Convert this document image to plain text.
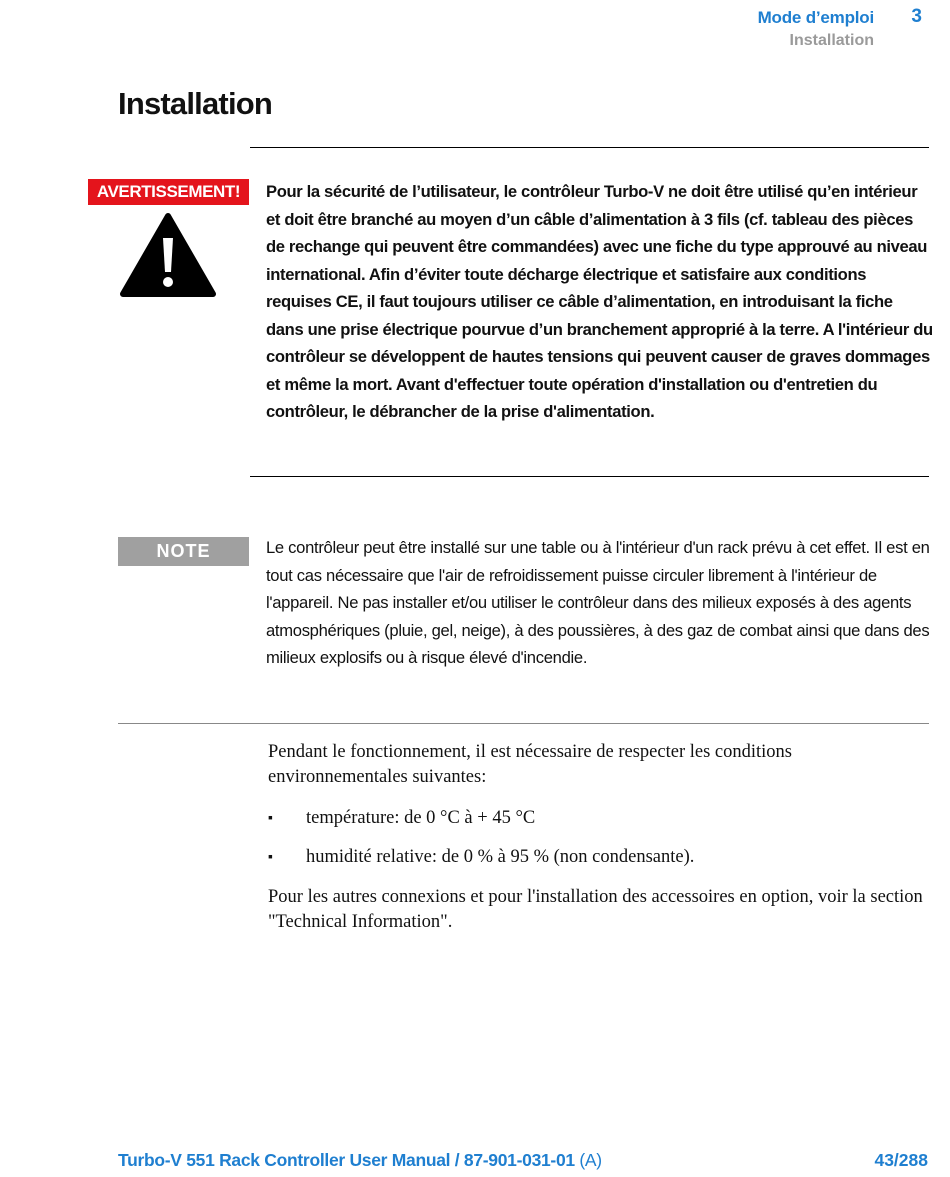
Mode d’emploi 3
Installation
Installation
AVERTISSEMENT!	Pour la sécurité de l’utilisateur, le contrôleur Turbo-V ne doit être utilisé qu’en intérieur et doit être branché au moyen d’un câble d’alimentation à 3 fils (cf. tableau des pièces de rechange qui peuvent être commandées) avec une fiche du type approuvé au niveau international. Afin d’éviter toute décharge électrique et satisfaire aux conditions requises CE, il faut toujours utiliser ce câble d’alimentation, en introduisant la fiche dans une prise électrique pourvue d’un branchement approprié à la terre. A l'intérieur du contrôleur se développent de hautes tensions qui peuvent causer de graves dommages et même la mort. Avant d'effectuer toute opération d'installation ou d'entretien du contrôleur, le débrancher de la prise d'alimentation.

NOTE	Le contrôleur peut être installé sur une table ou à l'intérieur d'un rack prévu à cet effet. Il est en tout cas nécessaire que l'air de refroidissement puisse circuler librement à l'intérieur de l'appareil. Ne pas installer et/ou utiliser le contrôleur dans des milieux exposés à des agents atmosphériques (pluie, gel, neige), à des poussières, à des gaz de combat ainsi que dans des milieux explosifs ou à risque élevé d'incendie.

Pendant le fonctionnement, il est nécessaire de respecter les conditions environnementales suivantes:

▪ température: de 0 °C à + 45 °C
▪ humidité relative: de 0 % à 95 % (non condensante).

Pour les autres connexions et pour l'installation des accessoires en option, voir la section "Technical Information".

Turbo-V 551 Rack Controller User Manual / 87-901-031-01 (A)	43/288
